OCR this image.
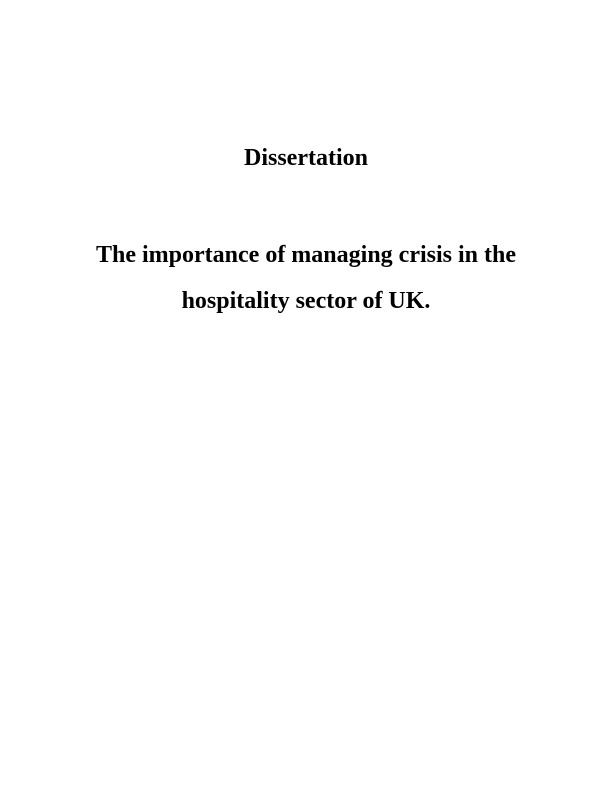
Dissertation
The importance of managing crisis in the hospitality sector of UK.
